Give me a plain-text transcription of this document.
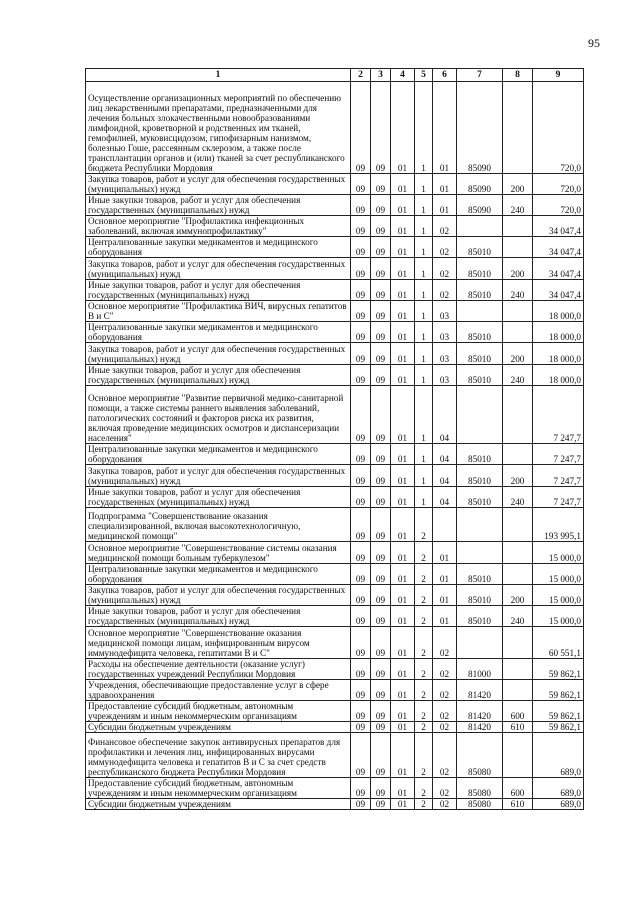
95
1	2	3	4	5	6	7	8	9
Осуществление организационных мероприятий по обеспечению лиц лекарственными препаратами, предназначенными для лечения больных злокачественными новообразованиями лимфоидной, кроветворной и родственных им тканей, гемофилией, муковисцидозом, гипофизарным нанизмом, болезнью Гоше, рассеянным склерозом, а также после трансплантации органов и (или) тканей за счет республиканского бюджета Республики Мордовия	09	09	01	1	01	85090		720,0
Закупка товаров, работ и услуг для обеспечения государственных (муниципальных) нужд	09	09	01	1	01	85090	200	720,0
Иные закупки товаров, работ и услуг для обеспечения государственных (муниципальных) нужд	09	09	01	1	01	85090	240	720,0
Основное мероприятие "Профилактика инфекционных заболеваний, включая иммунопрофилактику"	09	09	01	1	02			34 047,4
Централизованные закупки медикаментов и медицинского оборудования	09	09	01	1	02	85010		34 047,4
Закупка товаров, работ и услуг для обеспечения государственных (муниципальных) нужд	09	09	01	1	02	85010	200	34 047,4
Иные закупки товаров, работ и услуг для обеспечения государственных (муниципальных) нужд	09	09	01	1	02	85010	240	34 047,4
Основное мероприятие "Профилактика ВИЧ, вирусных гепатитов В и С"	09	09	01	1	03			18 000,0
Централизованные закупки медикаментов и медицинского оборудования	09	09	01	1	03	85010		18 000,0
Закупка товаров, работ и услуг для обеспечения государственных (муниципальных) нужд	09	09	01	1	03	85010	200	18 000,0
Иные закупки товаров, работ и услуг для обеспечения государственных (муниципальных) нужд	09	09	01	1	03	85010	240	18 000,0
Основное мероприятие "Развитие первичной медико-санитарной помощи, а также системы раннего выявления заболеваний, патологических состояний и факторов риска их развития, включая проведение медицинских осмотров и диспансеризации населения"	09	09	01	1	04			7 247,7
Централизованные закупки медикаментов и медицинского оборудования	09	09	01	1	04	85010		7 247,7
Закупка товаров, работ и услуг для обеспечения государственных (муниципальных) нужд	09	09	01	1	04	85010	200	7 247,7
Иные закупки товаров, работ и услуг для обеспечения государственных (муниципальных) нужд	09	09	01	1	04	85010	240	7 247,7
Подпрограмма "Совершенствование оказания специализированной, включая высокотехнологичную, медицинской помощи"	09	09	01	2				193 995,1
Основное мероприятие "Совершенствование системы оказания медицинской помощи больным туберкулезом"	09	09	01	2	01			15 000,0
Централизованные закупки медикаментов и медицинского оборудования	09	09	01	2	01	85010		15 000,0
Закупка товаров, работ и услуг для обеспечения государственных (муниципальных) нужд	09	09	01	2	01	85010	200	15 000,0
Иные закупки товаров, работ и услуг для обеспечения государственных (муниципальных) нужд	09	09	01	2	01	85010	240	15 000,0
Основное мероприятие "Совершенствование оказания медицинской помощи лицам, инфицированным вирусом иммунодефицита человека, гепатитами В и С"	09	09	01	2	02			60 551,1
Расходы на обеспечение деятельности (оказание услуг) государственных учреждений Республики Мордовия	09	09	01	2	02	81000		59 862,1
Учреждения, обеспечивающие предоставление услуг в сфере здравоохранения	09	09	01	2	02	81420		59 862,1
Предоставление субсидий бюджетным, автономным учреждениям и иным некоммерческим организациям	09	09	01	2	02	81420	600	59 862,1
Субсидии бюджетным учреждениям	09	09	01	2	02	81420	610	59 862,1
Финансовое обеспечение закупок антивирусных препаратов для профилактики и лечения лиц, инфицированных вирусами иммунодефицита человека и гепатитов В и С за счет средств республиканского бюджета Республики Мордовия	09	09	01	2	02	85080		689,0
Предоставление субсидий бюджетным, автономным учреждениям и иным некоммерческим организациям	09	09	01	2	02	85080	600	689,0
Субсидии бюджетным учреждениям	09	09	01	2	02	85080	610	689,0
